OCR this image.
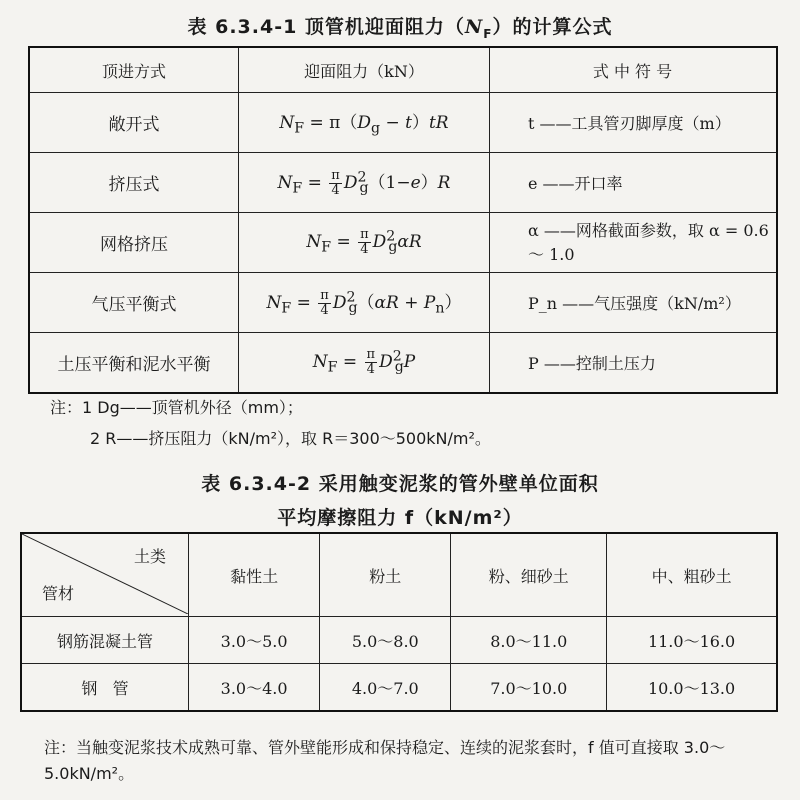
表 6.3.4-1 顶管机迎面阻力$(N_F)$的计算公式
顶进方式	迎面阻力（kN）	式 中 符 号
敞开式	$N_F = \pi(D_g - t)tR$	t ——工具管刃脚厚度（m）
挤压式	$N_F = \frac{\pi}{4} D^2_g(1-e)R$	e ——开口率
网格挤压	$N_F = \frac{\pi}{4} D^2_g\alpha R$	α ——网格截面参数，取 α = 0.6 ～ 1.0
气压平衡式	$N_F = \frac{\pi}{4} D^2_g(\alpha R + P_n)$	P_n ——气压强度（kN/m²）
土压平衡和泥水平衡	$N_F = \frac{\pi}{4} D^2_gP$	P ——控制土压力
注：1 Dg——顶管机外径（mm）；
2 R——挤压阻力（kN/m²），取 R＝300～500kN/m²。
表 6.3.4-2 采用触变泥浆的管外壁单位面积
平均摩擦阻力 f（kN/m²）
土类
管材	黏性土	粉土	粉、细砂土	中、粗砂土
钢筋混凝土管	3.0～5.0	5.0～8.0	8.0～11.0	11.0～16.0
钢   管	3.0～4.0	4.0～7.0	7.0～10.0	10.0～13.0
注：当触变泥浆技术成熟可靠、管外壁能形成和保持稳定、连续的泥浆套时，f 值可直接取 3.0～5.0kN/m²。
